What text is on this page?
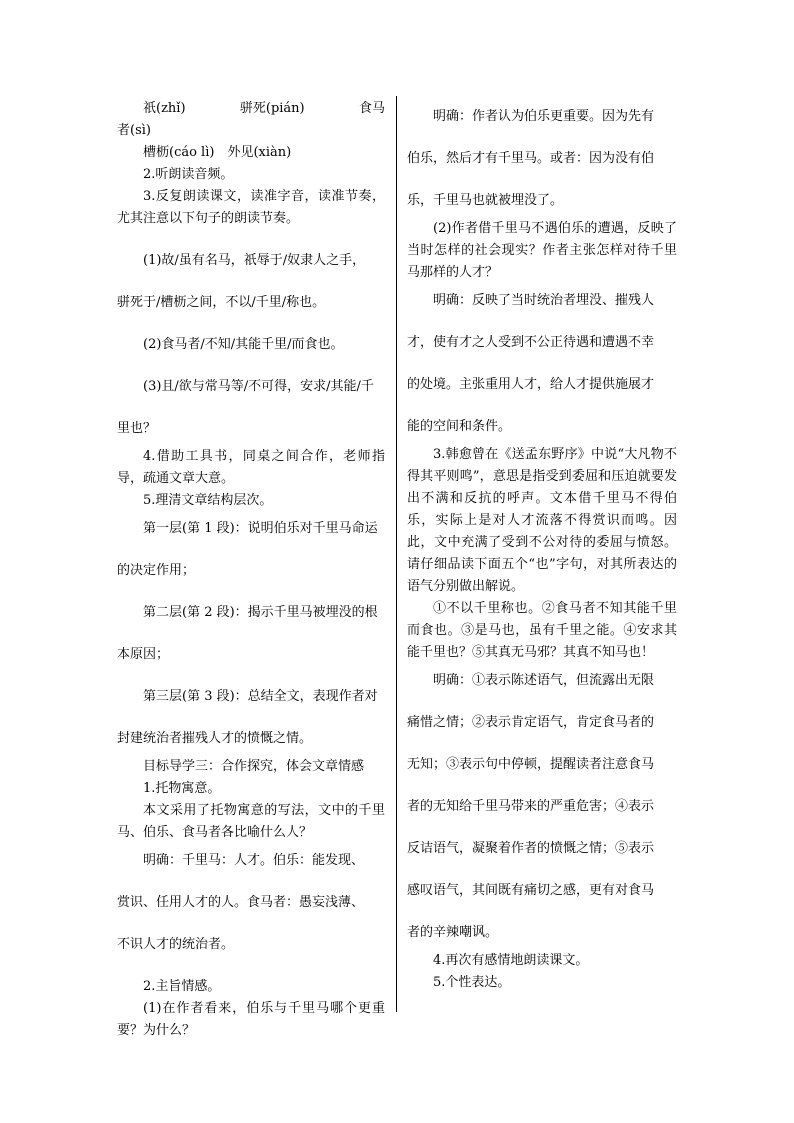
祇(zhǐ)	骈死(pián)	食马

者(sì)

槽枥(cáo lì)　外见(xiàn)

2.听朗读音频。

3.反复朗读课文，读准字音，读准节奏，尤其注意以下句子的朗读节奏。

(1)故/虽有名马，祇辱于/奴隶人之手，

骈死于/槽枥之间，不以/千里/称也。

(2)食马者/不知/其能千里/而食也。

(3)且/欲与常马等/不可得，安求/其能/千

里也？

4.借助工具书，同桌之间合作，老师指导，疏通文章大意。

5.理清文章结构层次。

第一层(第 1 段)：说明伯乐对千里马命运

的决定作用；

第二层(第 2 段)：揭示千里马被埋没的根

本原因；

第三层(第 3 段)：总结全文，表现作者对

封建统治者摧残人才的愤慨之情。

目标导学三：合作探究，体会文章情感

1.托物寓意。

本文采用了托物寓意的写法，文中的千里马、伯乐、食马者各比喻什么人？

明确：千里马：人才。伯乐：能发现、

赏识、任用人才的人。食马者：愚妄浅薄、

不识人才的统治者。

2.主旨情感。

(1)在作者看来，伯乐与千里马哪个更重要？为什么？

明确：作者认为伯乐更重要。因为先有

伯乐，然后才有千里马。或者：因为没有伯

乐，千里马也就被埋没了。

(2)作者借千里马不遇伯乐的遭遇，反映了当时怎样的社会现实？作者主张怎样对待千里马那样的人才？

明确：反映了当时统治者埋没、摧残人

才，使有才之人受到不公正待遇和遭遇不幸

的处境。主张重用人才，给人才提供施展才

能的空间和条件。

3.韩愈曾在《送孟东野序》中说“大凡物不得其平则鸣”，意思是指受到委屈和压迫就要发出不满和反抗的呼声。文本借千里马不得伯乐，实际上是对人才流落不得赏识而鸣。因此，文中充满了受到不公对待的委屈与愤怒。请仔细品读下面五个“也”字句，对其所表达的语气分别做出解说。

①不以千里称也。②食马者不知其能千里而食也。③是马也，虽有千里之能。④安求其能千里也？⑤其真无马邪？其真不知马也！

明确：①表示陈述语气，但流露出无限

痛惜之情；②表示肯定语气，肯定食马者的

无知；③表示句中停顿，提醒读者注意食马

者的无知给千里马带来的严重危害；④表示

反诘语气，凝聚着作者的愤慨之情；⑤表示

感叹语气，其间既有痛切之感，更有对食马

者的辛辣嘲讽。

4.再次有感情地朗读课文。

5.个性表达。
